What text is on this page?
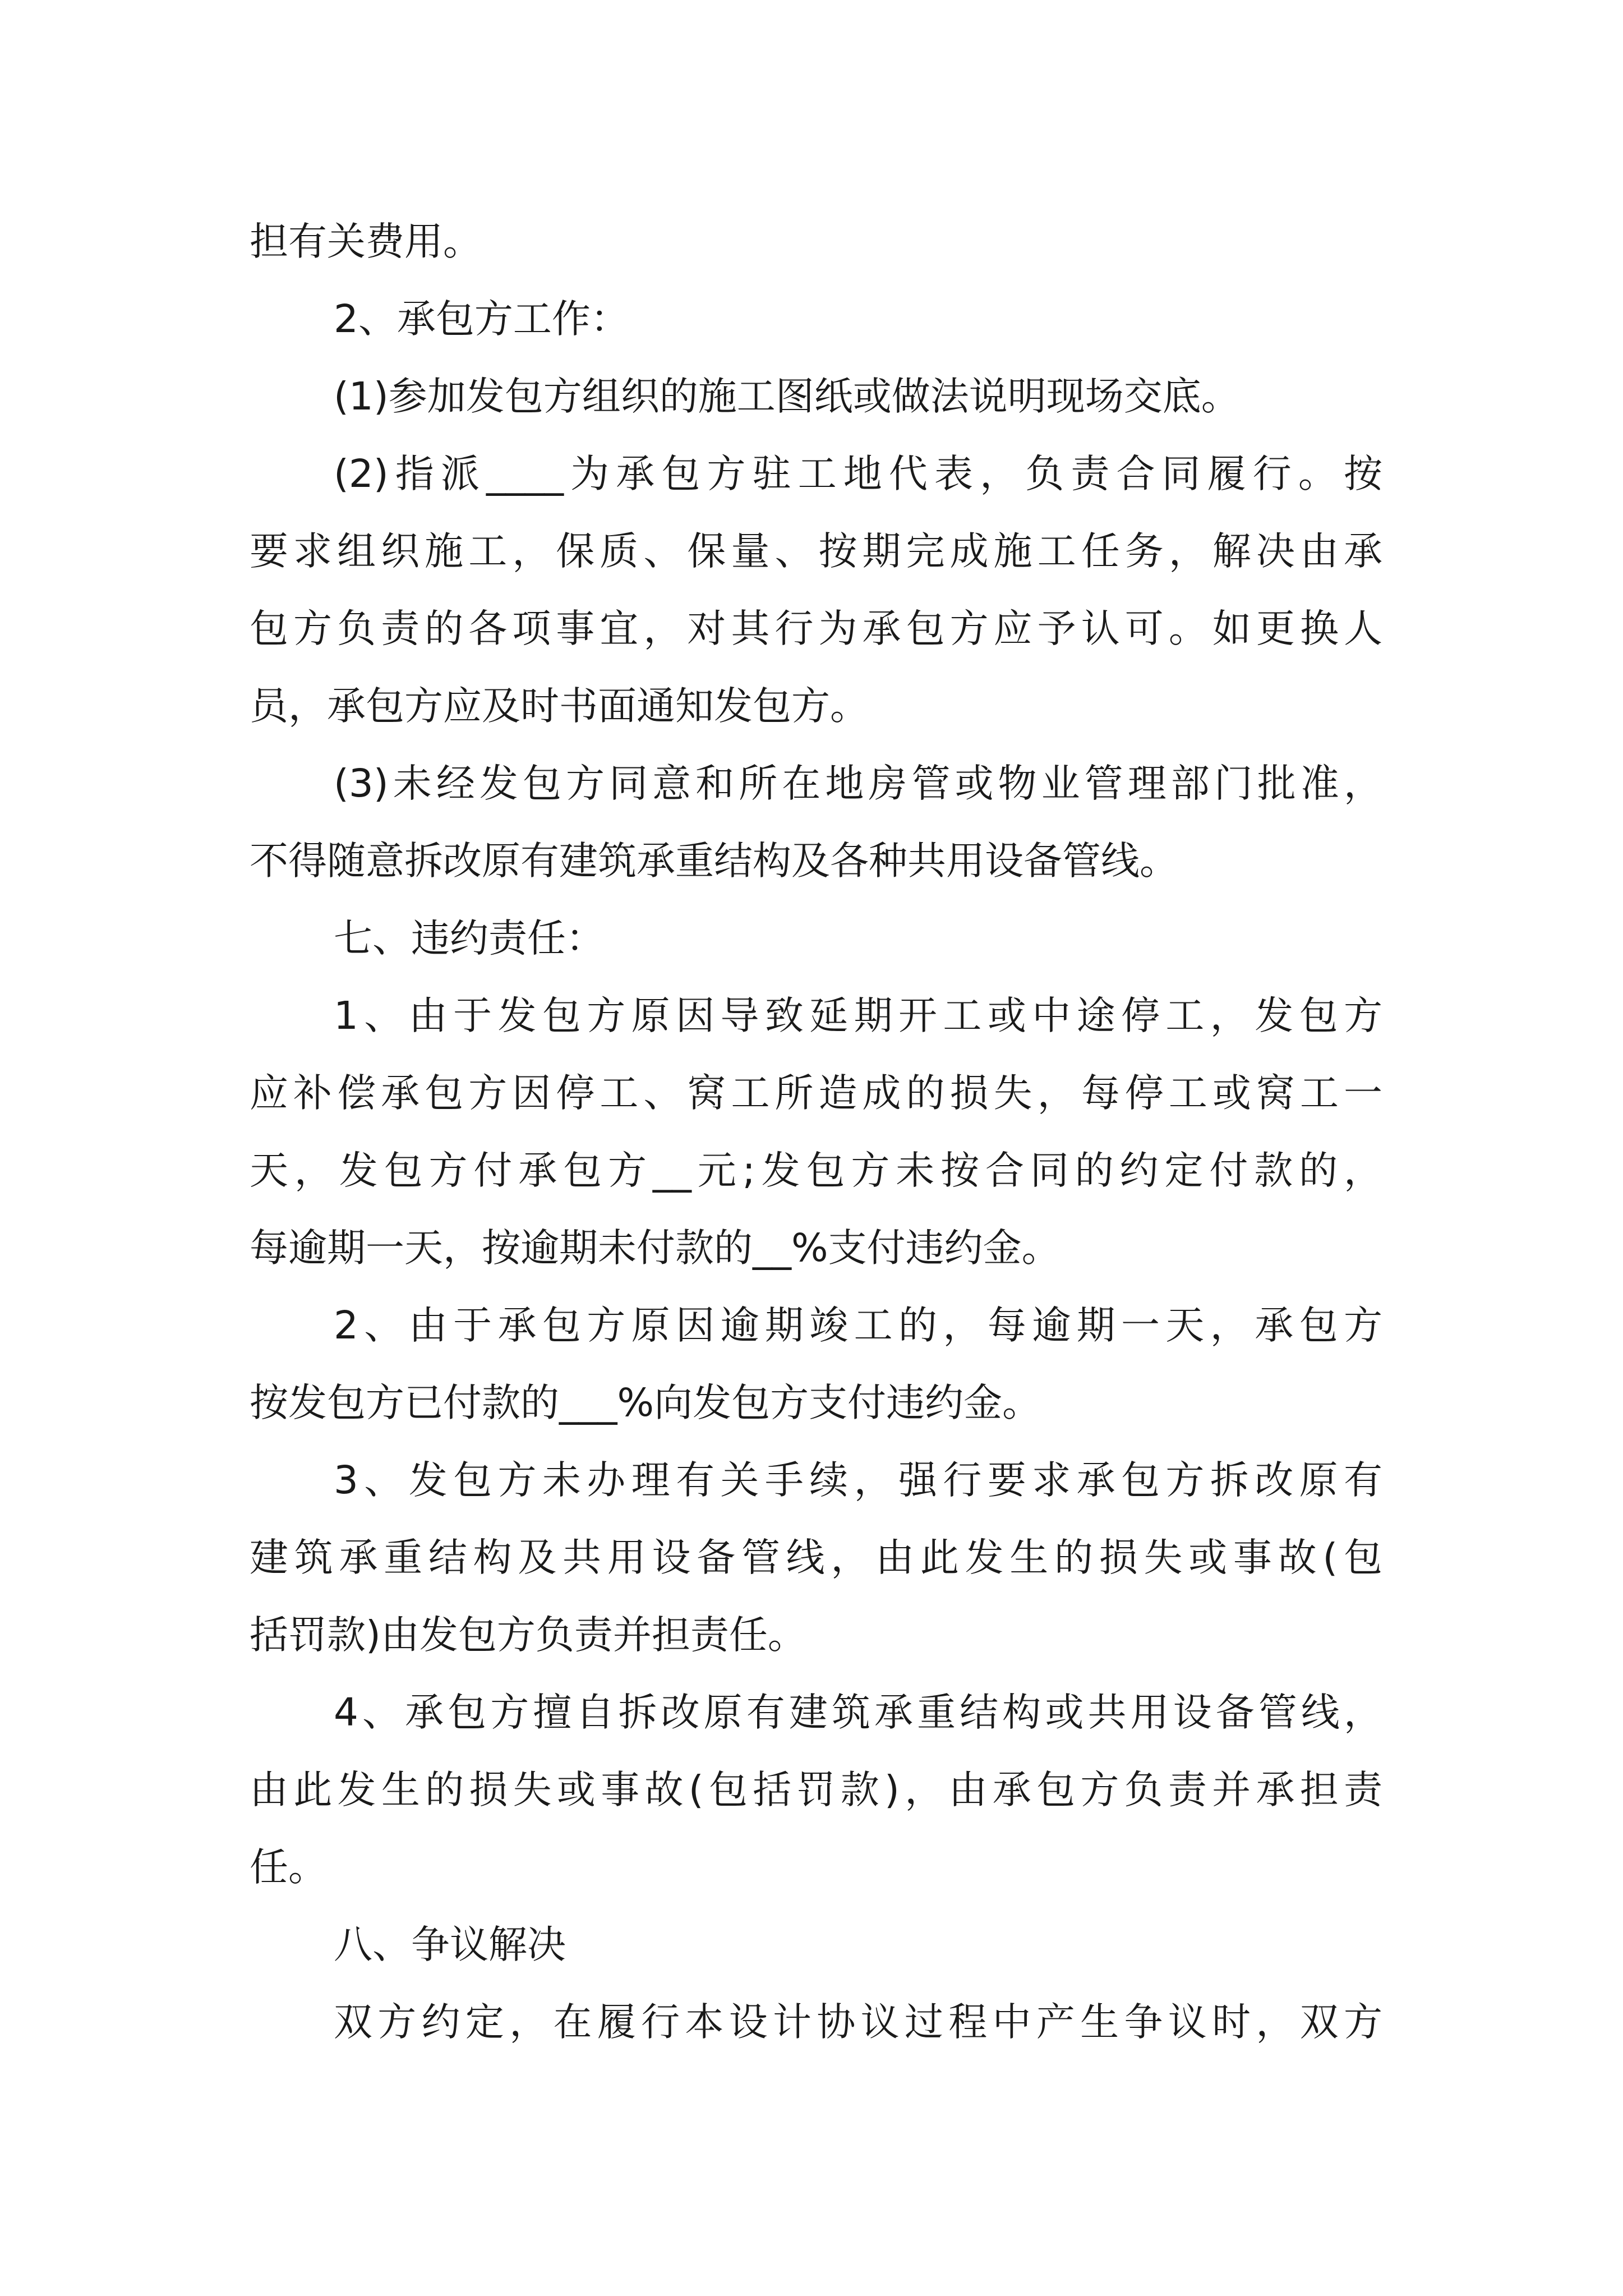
担有关费用。

2、承包方工作：

(1)参加发包方组织的施工图纸或做法说明现场交底。

(2)指派____为承包方驻工地代表，负责合同履行。按

要求组织施工，保质、保量、按期完成施工任务，解决由承

包方负责的各项事宜，对其行为承包方应予认可。如更换人

员，承包方应及时书面通知发包方。

(3)未经发包方同意和所在地房管或物业管理部门批准，

不得随意拆改原有建筑承重结构及各种共用设备管线。

七、违约责任：

1、由于发包方原因导致延期开工或中途停工，发包方

应补偿承包方因停工、窝工所造成的损失，每停工或窝工一

天，发包方付承包方__元;发包方未按合同的约定付款的，

每逾期一天，按逾期未付款的__%支付违约金。

2、由于承包方原因逾期竣工的，每逾期一天，承包方

按发包方已付款的___%向发包方支付违约金。

3、发包方未办理有关手续，强行要求承包方拆改原有

建筑承重结构及共用设备管线，由此发生的损失或事故(包

括罚款)由发包方负责并担责任。

4、承包方擅自拆改原有建筑承重结构或共用设备管线，

由此发生的损失或事故(包括罚款)，由承包方负责并承担责

任。

八、争议解决

双方约定，在履行本设计协议过程中产生争议时，双方
